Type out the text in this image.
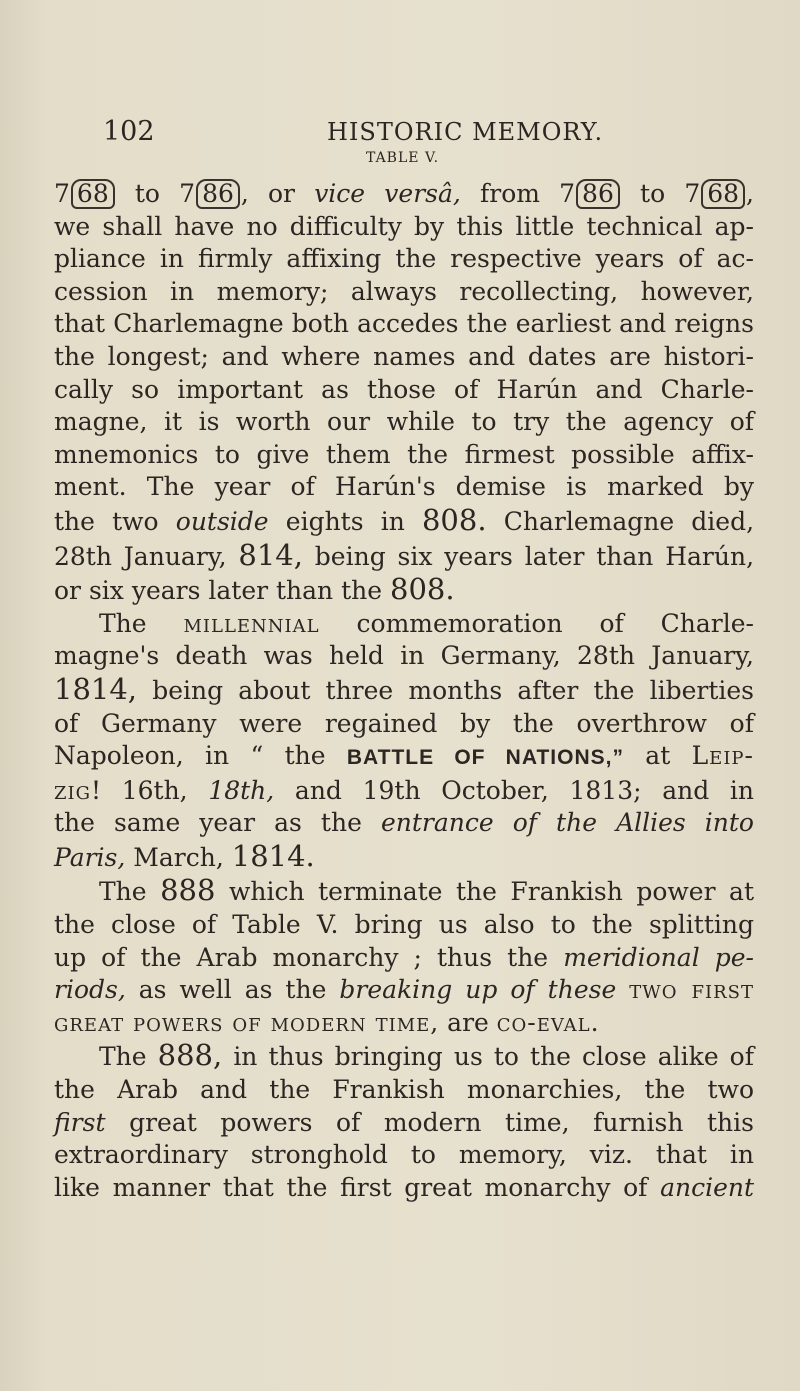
102	HISTORIC MEMORY.
TABLE V.

7 68 to 7 86 , or vice versâ, from 7 86 to 7 68 ,
we shall have no difficulty by this little technical ap-
pliance in firmly affixing the respective years of ac-
cession in memory; always recollecting, however,
that Charlemagne both accedes the earliest and reigns
the longest; and where names and dates are histori-
cally so important as those of Harún and Charle-
magne, it is worth our while to try the agency of
mnemonics to give them the firmest possible affix-
ment. The year of Harún's demise is marked by
the two outside eights in 808. Charlemagne died,
28th January, 814, being six years later than Harún,
or six years later than the 808.

The millennial commemoration of Charle-
magne's death was held in Germany, 28th January,
1814, being about three months after the liberties
of Germany were regained by the overthrow of
Napoleon, in “ the BATTLE OF NATIONS,” at Leip-
zig! 16th, 18th, and 19th October, 1813; and in
the same year as the entrance of the Allies into
Paris, March, 1814.

The 888 which terminate the Frankish power at
the close of Table V. bring us also to the splitting
up of the Arab monarchy ; thus the meridional pe-
riods, as well as the breaking up of these two first
great powers of modern time, are co-eval.

The 888, in thus bringing us to the close alike of
the Arab and the Frankish monarchies, the two
first great powers of modern time, furnish this
extraordinary stronghold to memory, viz. that in
like manner that the first great monarchy of ancient
